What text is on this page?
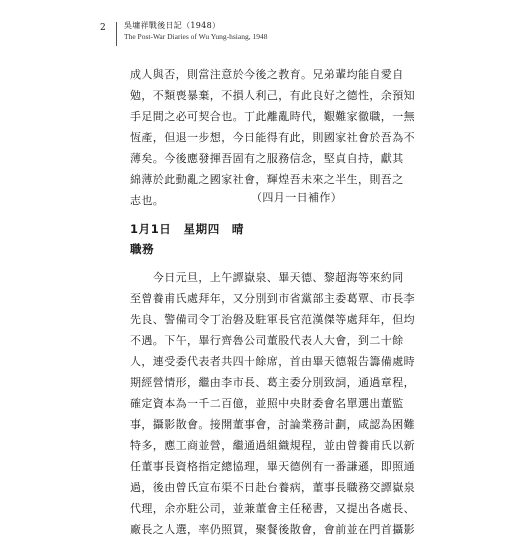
2	吳墉祥戰後日記（1948）
The Post-War Diaries of Wu Yung-hsiang, 1948
成人與否，則當注意於今後之教育。兄弟輩均能自愛自
勉，不類喪暴棄，不損人利己，有此良好之德性，余預知
手足間之必可契合也。丁此離亂時代，艱難家徹職，一無
恆產，但退一步想，今日能得有此，則國家社會於吾為不
薄矣。今後應發揮吾固有之服務信念，堅貞自持，獻其
綿薄於此動亂之國家社會，輝煌吾未來之半生，則吾之
志也。	（四月一日補作）
1月1日　星期四　晴
職務
　　今日元旦，上午譚嶽泉、畢天德、黎超海等來約同
至曾養甫氏處拜年，又分別到市省黨部主委葛覃、市長李
先良、警備司令丁治磐及駐軍長官范漢傑等處拜年，但均
不遇。下午，畢行齊魯公司董股代表人大會，到二十餘
人，連受委代表者共四十餘席，首由畢天德報告籌備處時
期經營情形，繼由李市長、葛主委分別致詞，通過章程，
確定資本為一千二百億，並照中央財委會名單選出董監
事，攝影散會。接開董事會，討論業務計劃，咸認為困難
特多，應工商並營，繼通過組織規程，並由曾養甫氏以新
任董事長資格指定總協理，畢天德例有一番謙遜，即照通
過，後由曾氏宣布渠不日赴台養病，董事長職務交譚嶽泉
代理，余亦駐公司，並兼董會主任秘書，又提出各處長、
廠長之人選，率仍照買，聚餐後散會，會前並在門首攝影
